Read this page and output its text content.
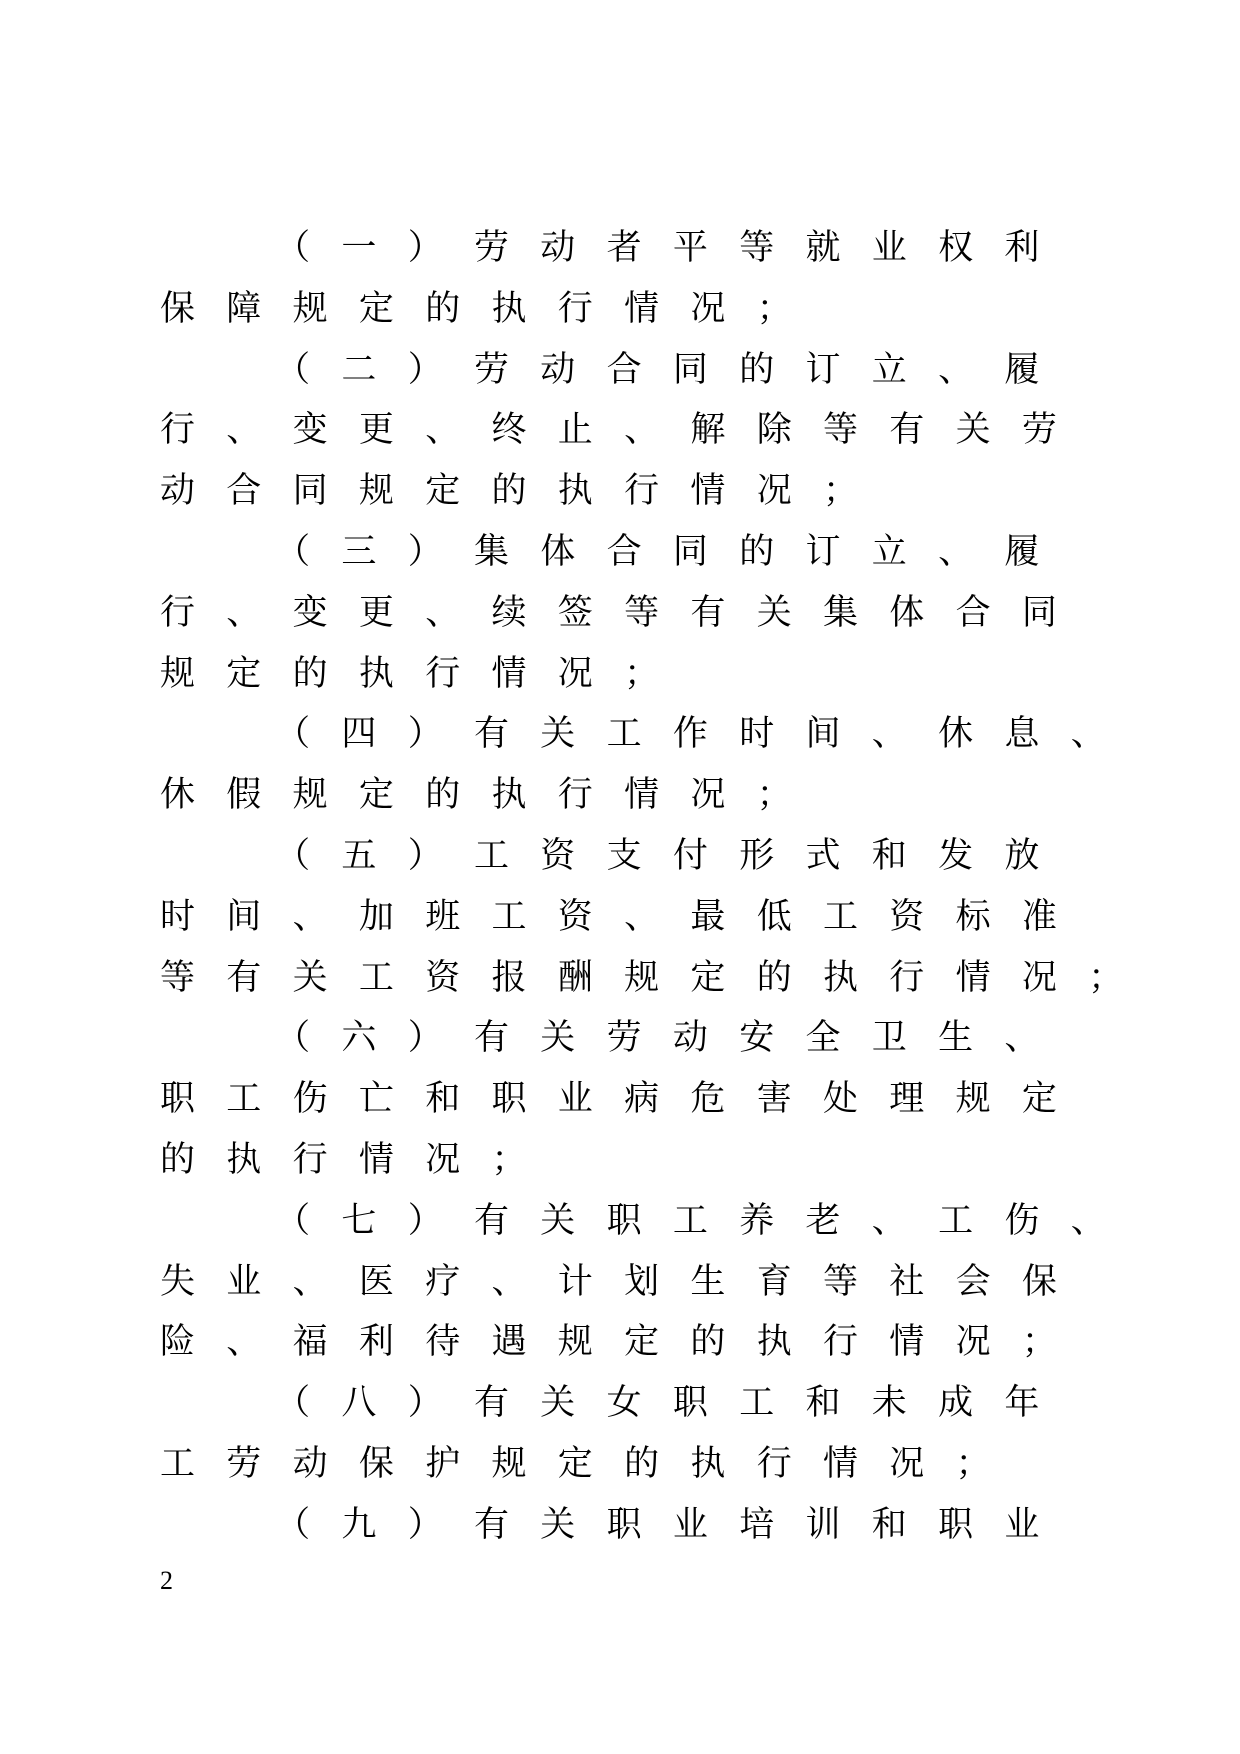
　　（一）劳动者平等就业权利
保障规定的执行情况；
　　（二）劳动合同的订立、履
行、变更、终止、解除等有关劳
动合同规定的执行情况；
　　（三）集体合同的订立、履
行、变更、续签等有关集体合同
规定的执行情况；
　　（四）有关工作时间、休息、
休假规定的执行情况；
　　（五）工资支付形式和发放
时间、加班工资、最低工资标准
等有关工资报酬规定的执行情况；
　　（六）有关劳动安全卫生、
职工伤亡和职业病危害处理规定
的执行情况；
　　（七）有关职工养老、工伤、
失业、医疗、计划生育等社会保
险、福利待遇规定的执行情况；
　　（八）有关女职工和未成年
工劳动保护规定的执行情况；
　　（九）有关职业培训和职业
2
